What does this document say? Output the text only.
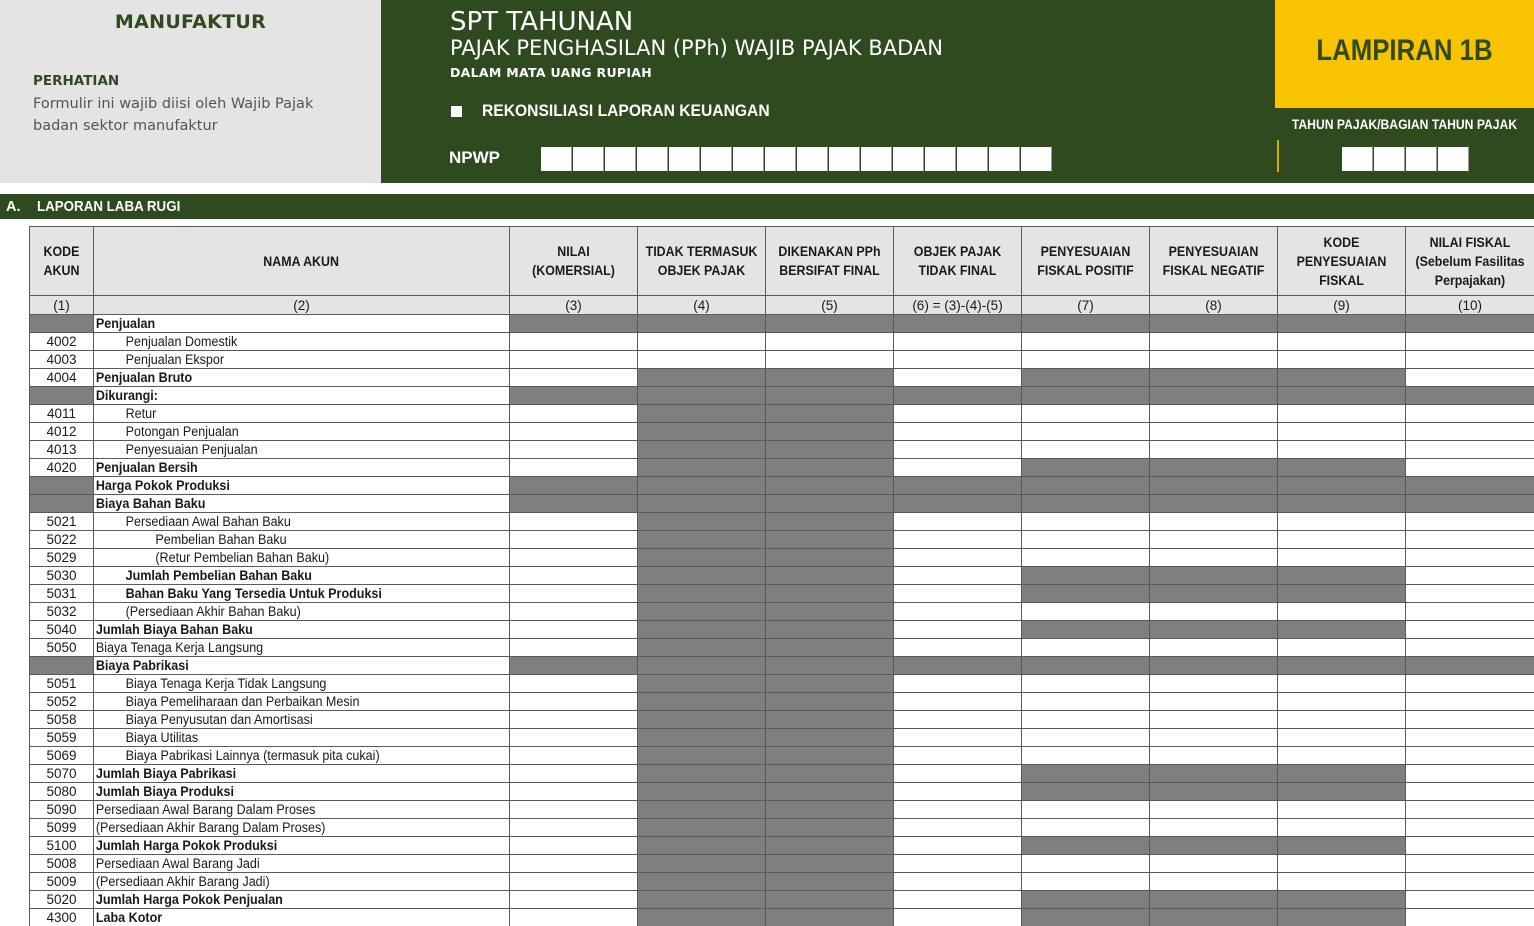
MANUFAKTUR
PERHATIAN
Formulir ini wajib diisi oleh Wajib Pajak badan sektor manufaktur
SPT TAHUNAN
PAJAK PENGHASILAN (PPh) WAJIB PAJAK BADAN
DALAM MATA UANG RUPIAH
REKONSILIASI LAPORAN KEUANGAN
NPWP
LAMPIRAN 1B
TAHUN PAJAK/BAGIAN TAHUN PAJAK
A. LAPORAN LABA RUGI
KODE AKUN	NAMA AKUN	NILAI (KOMERSIAL)	TIDAK TERMASUK OBJEK PAJAK	DIKENAKAN PPh BERSIFAT FINAL	OBJEK PAJAK TIDAK FINAL	PENYESUAIAN FISKAL POSITIF	PENYESUAIAN FISKAL NEGATIF	KODE PENYESUAIAN FISKAL	NILAI FISKAL (Sebelum Fasilitas Perpajakan)
(1)	(2)	(3)	(4)	(5)	(6) = (3)-(4)-(5)	(7)	(8)	(9)	(10)
	Penjualan								
4002	Penjualan Domestik								
4003	Penjualan Ekspor								
4004	Penjualan Bruto								
	Dikurangi:								
4011	Retur								
4012	Potongan Penjualan								
4013	Penyesuaian Penjualan								
4020	Penjualan Bersih								
	Harga Pokok Produksi								
	Biaya Bahan Baku								
5021	Persediaan Awal Bahan Baku								
5022	Pembelian Bahan Baku								
5029	(Retur Pembelian Bahan Baku)								
5030	Jumlah Pembelian Bahan Baku								
5031	Bahan Baku Yang Tersedia Untuk Produksi								
5032	(Persediaan Akhir Bahan Baku)								
5040	Jumlah Biaya Bahan Baku								
5050	Biaya Tenaga Kerja Langsung								
	Biaya Pabrikasi								
5051	Biaya Tenaga Kerja Tidak Langsung								
5052	Biaya Pemeliharaan dan Perbaikan Mesin								
5058	Biaya Penyusutan dan Amortisasi								
5059	Biaya Utilitas								
5069	Biaya Pabrikasi Lainnya (termasuk pita cukai)								
5070	Jumlah Biaya Pabrikasi								
5080	Jumlah Biaya Produksi								
5090	Persediaan Awal Barang Dalam Proses								
5099	(Persediaan Akhir Barang Dalam Proses)								
5100	Jumlah Harga Pokok Produksi								
5008	Persediaan Awal Barang Jadi								
5009	(Persediaan Akhir Barang Jadi)								
5020	Jumlah Harga Pokok Penjualan								
4300	Laba Kotor								
